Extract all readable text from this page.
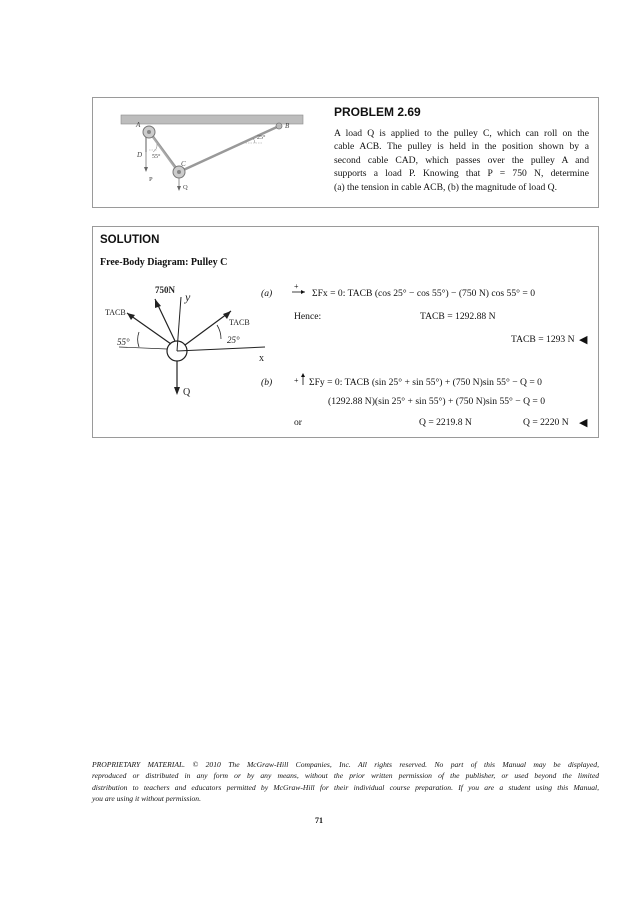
A	B
C
D
P
Q
55°
25°
PROBLEM 2.69
A load Q is applied to the pulley C, which can roll on the
cable ACB. The pulley is held in the position shown by a
second cable CAD, which passes over the pulley A and
supports a load P. Knowing that P = 750 N, determine
(a) the tension in cable ACB, (b) the magnitude of load Q.
SOLUTION
Free-Body Diagram: Pulley C
y
x
750N
TACB
TACB
55°	25°
Q
(a)
+
ΣFx = 0: TACB (cos 25° − cos 55°) − (750 N) cos 55° = 0
Hence:	TACB = 1292.88 N
TACB = 1293 N ◀
(b)	+ ΣFy = 0: TACB (sin 25° + sin 55°) + (750 N)sin 55° − Q = 0
(1292.88 N)(sin 25° + sin 55°) + (750 N)sin 55° − Q = 0
or	Q = 2219.8 N	Q = 2220 N ◀
PROPRIETARY MATERIAL. © 2010 The McGraw-Hill Companies, Inc. All rights reserved. No part of this Manual may be displayed,
reproduced or distributed in any form or by any means, without the prior written permission of the publisher, or used beyond the limited
distribution to teachers and educators permitted by McGraw-Hill for their individual course preparation. If you are a student using this Manual,
you are using it without permission.
71
